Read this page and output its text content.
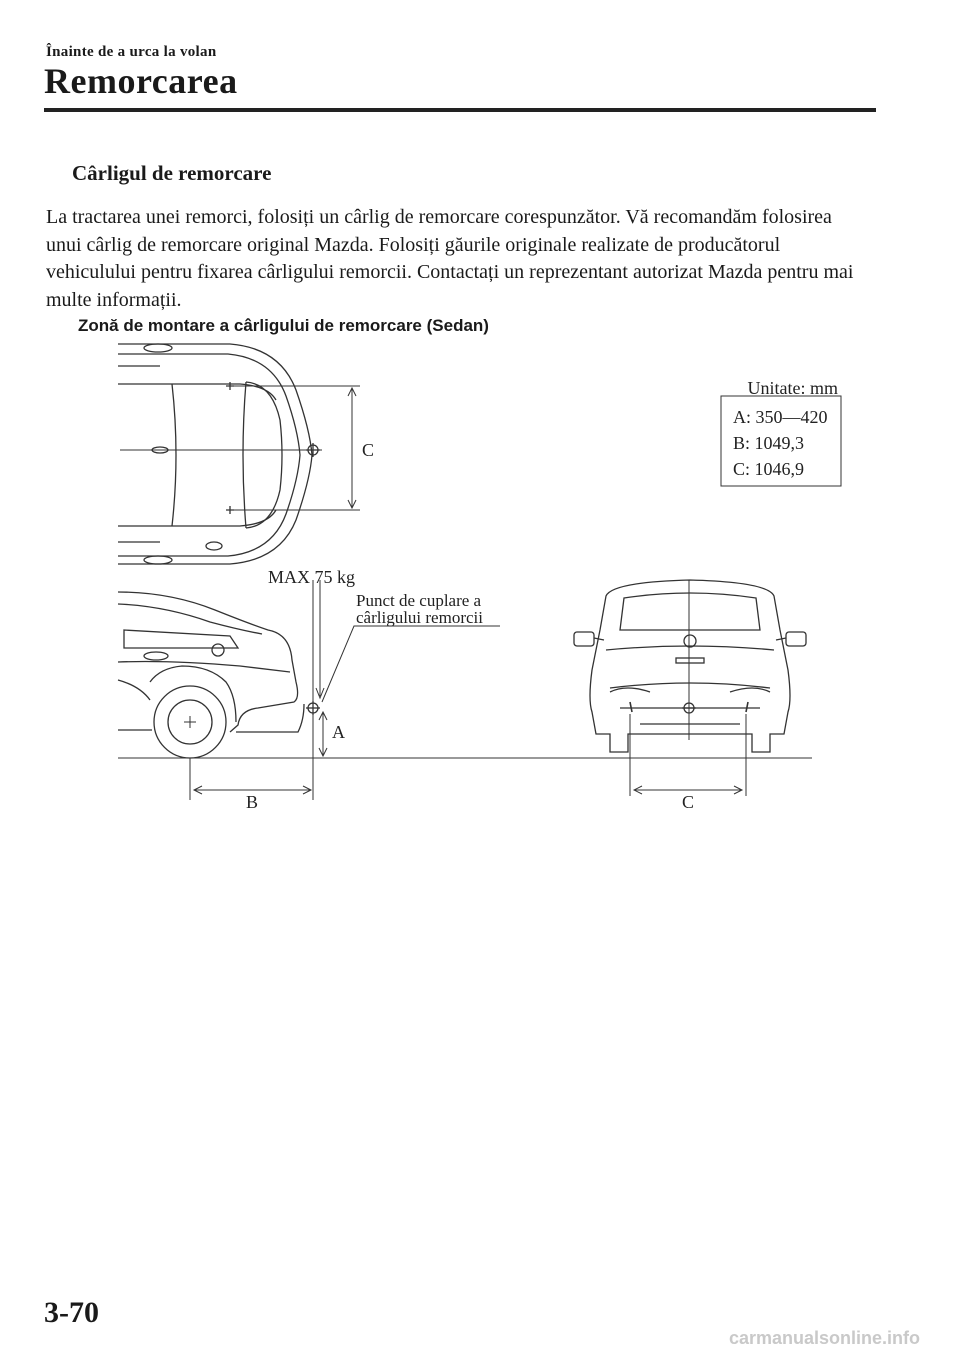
Înainte de a urca la volan
Remorcarea
Cârligul de remorcare
La tractarea unei remorci, folosiți un cârlig de remorcare corespunzător. Vă recomandăm folosirea unui cârlig de remorcare original Mazda. Folosiți găurile originale realizate de producătorul vehiculului pentru fixarea cârligului remorcii. Contactați un reprezentant autorizat Mazda pentru mai multe informații.
Zonă de montare a cârligului de remorcare (Sedan)
Unitate: mm
A: 350—420
B: 1049,3
C: 1046,9
C
MAX 75 kg
Punct de cuplare a
cârligului remorcii
A
B	C
3-70
carmanualsonline.info
